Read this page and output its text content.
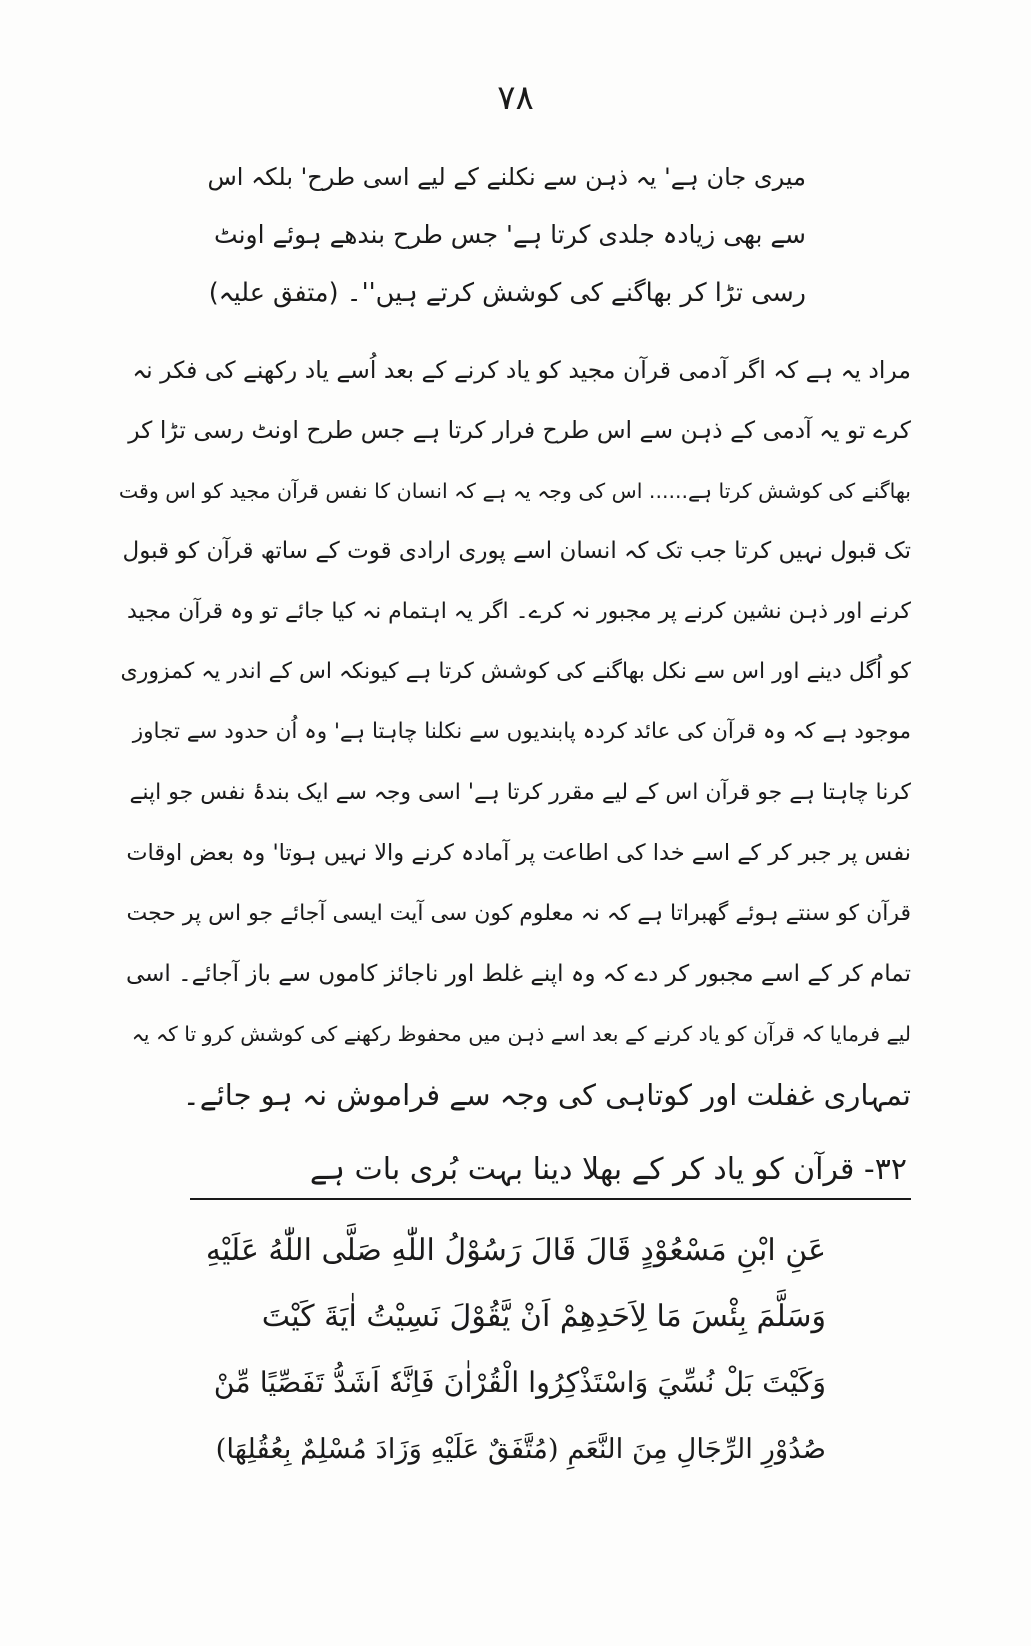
۷۸
میری جان ہے' یہ ذہن سے نکلنے کے لیے اسی طرح' بلکہ اس
سے بھی زیادہ جلدی کرتا ہے' جس طرح بندھے ہوئے اونٹ
رسی تڑا کر بھاگنے کی کوشش کرتے ہیں''۔ (متفق علیہ)
مراد یہ ہے کہ اگر آدمی قرآن مجید کو یاد کرنے کے بعد اُسے یاد رکھنے کی فکر نہ
کرے تو یہ آدمی کے ذہن سے اس طرح فرار کرتا ہے جس طرح اونٹ رسی تڑا کر
بھاگنے کی کوشش کرتا ہے...... اس کی وجہ یہ ہے کہ انسان کا نفس قرآن مجید کو اس وقت
تک قبول نہیں کرتا جب تک کہ انسان اسے پوری ارادی قوت کے ساتھ قرآن کو قبول
کرنے اور ذہن نشین کرنے پر مجبور نہ کرے۔ اگر یہ اہتمام نہ کیا جائے تو وہ قرآن مجید
کو اُگل دینے اور اس سے نکل بھاگنے کی کوشش کرتا ہے کیونکہ اس کے اندر یہ کمزوری
موجود ہے کہ وہ قرآن کی عائد کردہ پابندیوں سے نکلنا چاہتا ہے' وہ اُن حدود سے تجاوز
کرنا چاہتا ہے جو قرآن اس کے لیے مقرر کرتا ہے' اسی وجہ سے ایک بندۂ نفس جو اپنے
نفس پر جبر کر کے اسے خدا کی اطاعت پر آمادہ کرنے والا نہیں ہوتا' وہ بعض اوقات
قرآن کو سنتے ہوئے گھبراتا ہے کہ نہ معلوم کون سی آیت ایسی آجائے جو اس پر حجت
تمام کر کے اسے مجبور کر دے کہ وہ اپنے غلط اور ناجائز کاموں سے باز آجائے۔ اسی
لیے فرمایا کہ قرآن کو یاد کرنے کے بعد اسے ذہن میں محفوظ رکھنے کی کوشش کرو تا کہ یہ
تمہاری غفلت اور کوتاہی کی وجہ سے فراموش نہ ہو جائے۔
۳۲- قرآن کو یاد کر کے بھلا دینا بہت بُری بات ہے
عَنِ ابْنِ مَسْعُوْدٍ قَالَ قَالَ رَسُوْلُ اللّٰهِ صَلَّى اللّٰهُ عَلَيْهِ
وَسَلَّمَ بِئْسَ مَا لِاَحَدِهِمْ اَنْ يَّقُوْلَ نَسِيْتُ اٰيَةَ كَيْتَ
وَكَيْتَ بَلْ نُسِّيَ وَاسْتَذْكِرُوا الْقُرْاٰنَ فَاِنَّهٗ اَشَدُّ تَفَصِّيًا مِّنْ
صُدُوْرِ الرِّجَالِ مِنَ النَّعَمِ (مُتَّفَقٌ عَلَيْهِ وَزَادَ مُسْلِمٌ بِعُقُلِهَا)
